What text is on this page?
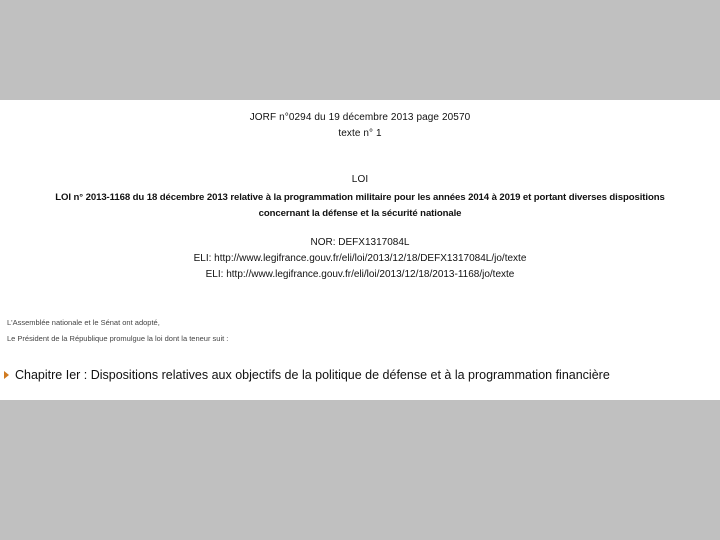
JORF n°0294 du 19 décembre 2013 page 20570
texte n° 1
LOI
LOI n° 2013-1168 du 18 décembre 2013 relative à la programmation militaire pour les années 2014 à 2019 et portant diverses dispositions
concernant la défense et la sécurité nationale
NOR: DEFX1317084L
ELI: http://www.legifrance.gouv.fr/eli/loi/2013/12/18/DEFX1317084L/jo/texte
ELI: http://www.legifrance.gouv.fr/eli/loi/2013/12/18/2013-1168/jo/texte
L'Assemblée nationale et le Sénat ont adopté,
Le Président de la République promulgue la loi dont la teneur suit :
Chapitre Ier : Dispositions relatives aux objectifs de la politique de défense et à la programmation financière
